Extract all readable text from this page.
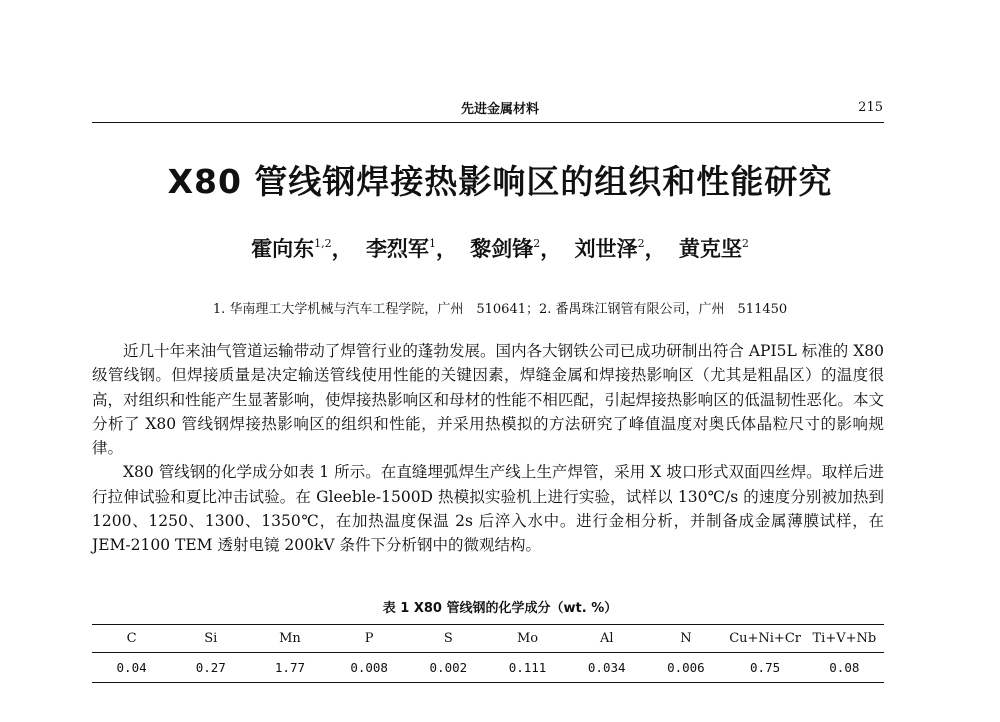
先进金属材料	215
X80 管线钢焊接热影响区的组织和性能研究
霍向东$^{1,2}$， 李烈军$^1$， 黎剑锋$^2$， 刘世泽$^2$， 黄克坚$^2$
1. 华南理工大学机械与汽车工程学院，广州　510641；2. 番禺珠江钢管有限公司，广州　511450

近几十年来油气管道运输带动了焊管行业的蓬勃发展。国内各大钢铁公司已成功研制出符合 API5L 标准的 X80 级管线钢。但焊接质量是决定输送管线使用性能的关键因素，焊缝金属和焊接热影响区（尤其是粗晶区）的温度很高，对组织和性能产生显著影响，使焊接热影响区和母材的性能不相匹配，引起焊接热影响区的低温韧性恶化。本文分析了 X80 管线钢焊接热影响区的组织和性能，并采用热模拟的方法研究了峰值温度对奥氏体晶粒尺寸的影响规律。

X80 管线钢的化学成分如表 1 所示。在直缝埋弧焊生产线上生产焊管，采用 X 坡口形式双面四丝焊。取样后进行拉伸试验和夏比冲击试验。在 Gleeble-1500D 热模拟实验机上进行实验，试样以 130℃/s 的速度分别被加热到 1200、1250、1300、1350℃，在加热温度保温 2s 后淬入水中。进行金相分析，并制备成金属薄膜试样，在 JEM-2100 TEM 透射电镜 200kV 条件下分析钢中的微观结构。

表 1 X80 管线钢的化学成分（wt. %）
C	Si	Mn	P	S	Mo	Al	N	Cu+Ni+Cr	Ti+V+Nb
0.04	0.27	1.77	0.008	0.002	0.111	0.034	0.006	0.75	0.08
